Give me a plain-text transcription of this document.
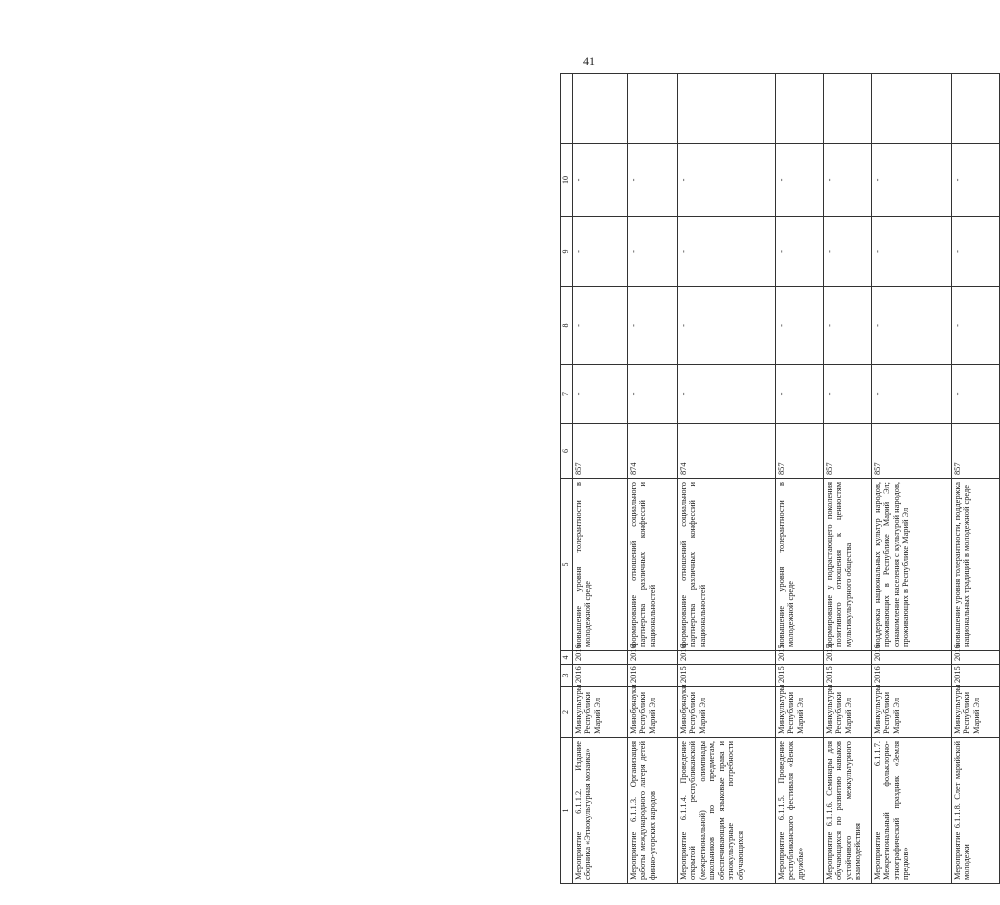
41
1	2	3	4	5	6	7	8	9	10	
Мероприятие 6.1.1.2. Издание сборника «Этнокультурная мозаика»	Минкультуры Республики Марий Эл	2016	2016	повышение уровня толерантности в молодежной среде	857	-	-	-	-	
Мероприятие 6.1.1.3. Организация работы международного лагеря детей финно-угорских народов	Минобрнауки Республики Марий Эл	2016	2016	формирование отношений социального партнерства различных конфессий и национальностей	874	-	-	-	-	
Мероприятие 6.1.1.4. Проведение открытой республиканской (межрегиональной) олимпиады школьников по предметам, обеспечивающим языковые права и этнокультурные потребности обучающихся	Минобрнауки Республики Марий Эл	2015	2016	формирование отношений социального партнерства различных конфессий и национальностей	874	-	-	-	-	
Мероприятие 6.1.1.5. Проведение республиканского фестиваля «Венок дружбы»	Минкультуры Республики Марий Эл	2015	2015	повышение уровня толерантности в молодежной среде	857	-	-	-	-	
Мероприятие 6.1.1.6. Семинары для обучающихся по развитию навыков устойчивого межкультурного взаимодействия	Минкультуры Республики Марий Эл	2015	2015	формирование у подрастающего поколения позитивного отношения к ценностям мультикультурного общества	857	-	-	-	-	
Мероприятие 6.1.1.7. Межрегиональный фольклорно-этнографический праздник «Земля предков»	Минкультуры Республики Марий Эл	2016	2016	поддержка национальных культур народов, проживающих в Республике Марий Эл; ознакомление населения с культурой народов, проживающих в Республике Марий Эл	857	-	-	-	-	
Мероприятие 6.1.1.8. Слет марийской молодежи	Минкультуры Республики Марий Эл	2015	2016	повышение уровня толерантности, поддержка национальных традиций в молодежной среде	857	-	-	-	-	
